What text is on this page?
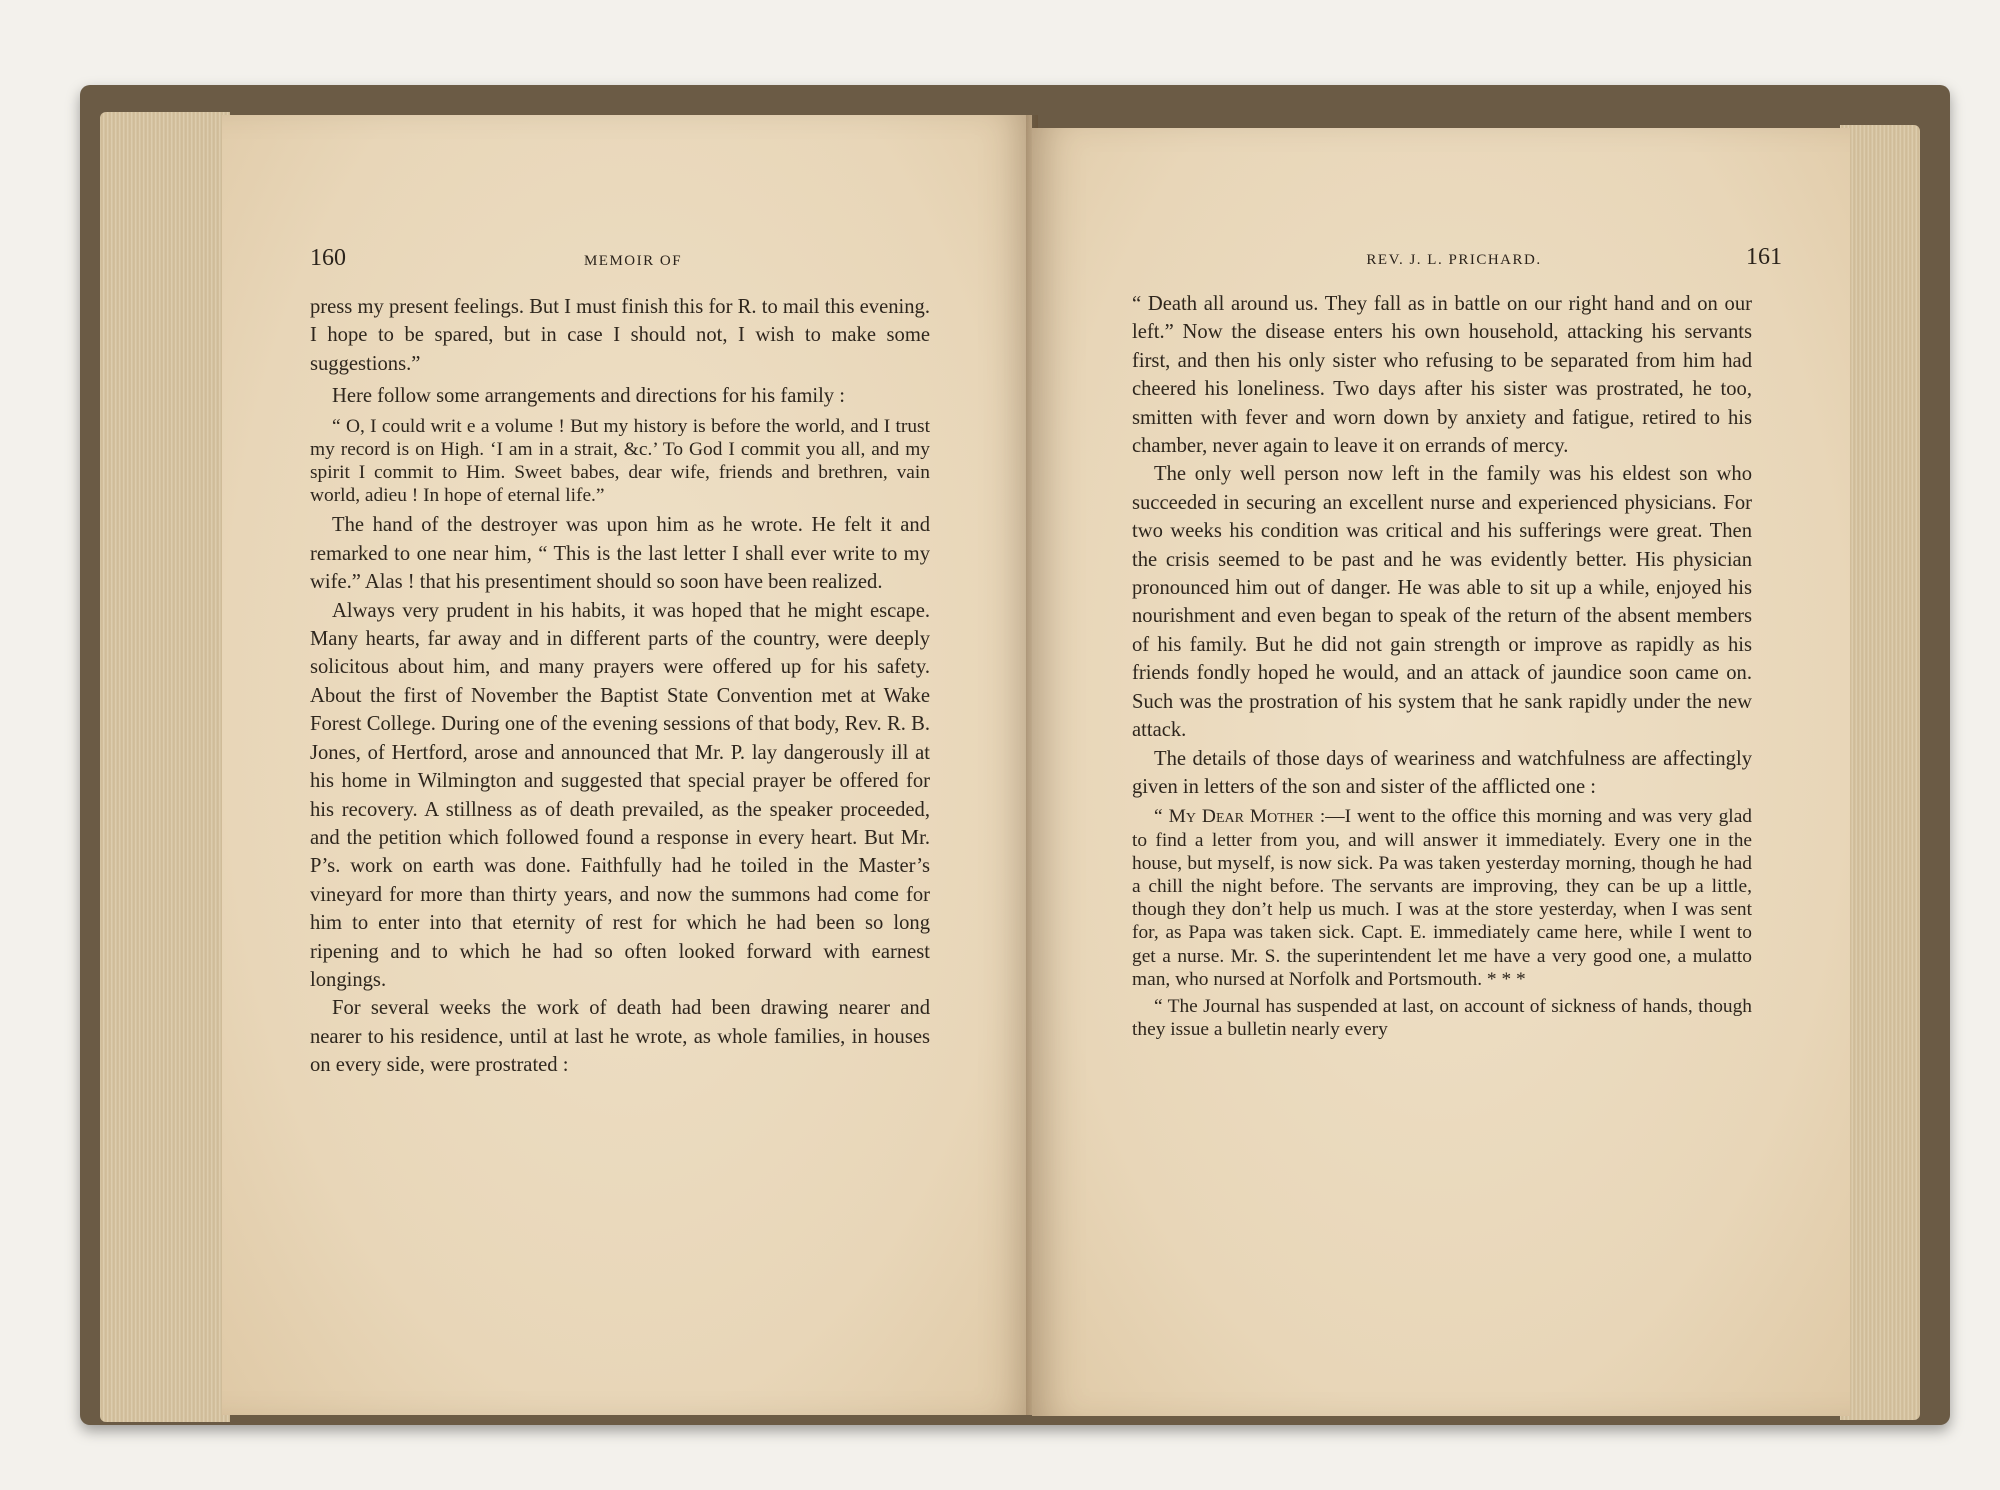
160	MEMOIR OF

press my present feelings. But I must finish this for R. to mail this evening. I hope to be spared, but in case I should not, I wish to make some suggestions.”

Here follow some arrangements and directions for his family :

“ O, I could writ e a volume ! But my history is before the world, and I trust my record is on High. ‘I am in a strait, &c.’ To God I commit you all, and my spirit I commit to Him. Sweet babes, dear wife, friends and brethren, vain world, adieu ! In hope of eternal life.”

The hand of the destroyer was upon him as he wrote. He felt it and remarked to one near him, “ This is the last letter I shall ever write to my wife.” Alas ! that his presentiment should so soon have been realized.

Always very prudent in his habits, it was hoped that he might escape. Many hearts, far away and in different parts of the country, were deeply solicitous about him, and many prayers were offered up for his safety. About the first of November the Baptist State Convention met at Wake Forest College. During one of the evening sessions of that body, Rev. R. B. Jones, of Hertford, arose and announced that Mr. P. lay dangerously ill at his home in Wilmington and suggested that special prayer be offered for his recovery. A stillness as of death prevailed, as the speaker proceeded, and the petition which followed found a response in every heart. But Mr. P’s. work on earth was done. Faithfully had he toiled in the Master’s vineyard for more than thirty years, and now the summons had come for him to enter into that eternity of rest for which he had been so long ripening and to which he had so often looked forward with earnest longings.

For several weeks the work of death had been drawing nearer and nearer to his residence, until at last he wrote, as whole families, in houses on every side, were prostrated :

REV. J. L. PRICHARD.	161

“ Death all around us. They fall as in battle on our right hand and on our left.” Now the disease enters his own household, attacking his servants first, and then his only sister who refusing to be separated from him had cheered his loneliness. Two days after his sister was prostrated, he too, smitten with fever and worn down by anxiety and fatigue, retired to his chamber, never again to leave it on errands of mercy.

The only well person now left in the family was his eldest son who succeeded in securing an excellent nurse and experienced physicians. For two weeks his condition was critical and his sufferings were great. Then the crisis seemed to be past and he was evidently better. His physician pronounced him out of danger. He was able to sit up a while, enjoyed his nourishment and even began to speak of the return of the absent members of his family. But he did not gain strength or improve as rapidly as his friends fondly hoped he would, and an attack of jaundice soon came on. Such was the prostration of his system that he sank rapidly under the new attack.

The details of those days of weariness and watchfulness are affectingly given in letters of the son and sister of the afflicted one :

“ My Dear Mother :—I went to the office this morning and was very glad to find a letter from you, and will answer it immediately. Every one in the house, but myself, is now sick. Pa was taken yesterday morning, though he had a chill the night before. The servants are improving, they can be up a little, though they don’t help us much. I was at the store yesterday, when I was sent for, as Papa was taken sick. Capt. E. immediately came here, while I went to get a nurse. Mr. S. the superintendent let me have a very good one, a mulatto man, who nursed at Norfolk and Portsmouth. * * *

“ The Journal has suspended at last, on account of sickness of hands, though they issue a bulletin nearly every
